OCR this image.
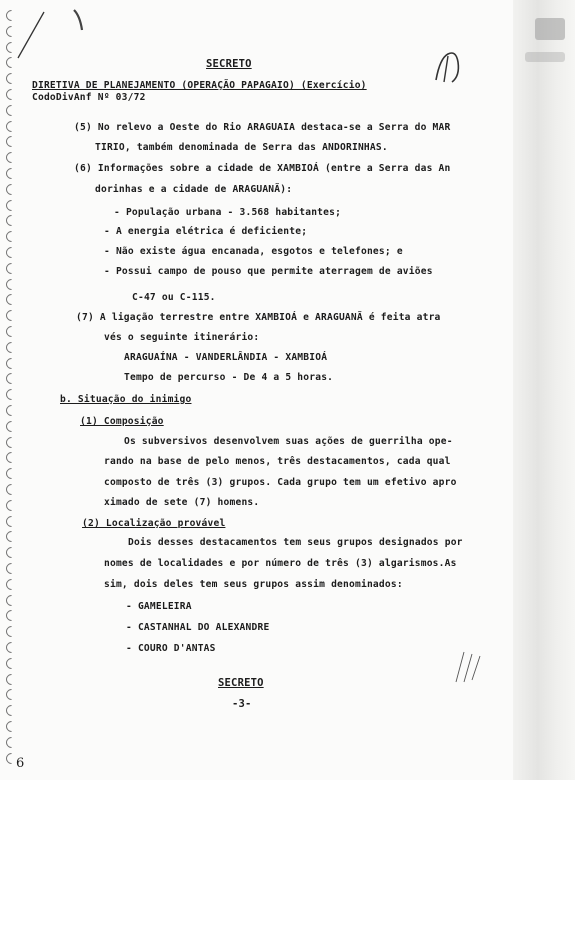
SECRETO
DIRETIVA DE PLANEJAMENTO (OPERAÇÃO PAPAGAIO) (Exercício)
CodoDivAnf Nº 03/72
(5) No relevo a Oeste do Rio ARAGUAIA destaca-se a Serra do MAR
TIRIO, também denominada de Serra das ANDORINHAS.
(6) Informações sobre a cidade de XAMBIOÁ (entre a Serra das An
dorinhas e a cidade de ARAGUANÃ):
- População urbana - 3.568 habitantes;
- A energia elétrica é deficiente;
- Não existe água encanada, esgotos e telefones; e
- Possui campo de pouso que permite aterragem de aviões
C-47 ou C-115.
(7) A ligação terrestre entre XAMBIOÁ e ARAGUANÃ é feita atra
vés o seguinte itinerário:
ARAGUAÍNA - VANDERLÂNDIA - XAMBIOÁ
Tempo de percurso - De 4 a 5 horas.
b. Situação do inimigo
(1) Composição
Os subversivos desenvolvem suas ações de guerrilha ope-
rando na base de pelo menos, três destacamentos, cada qual
composto de três (3) grupos. Cada grupo tem um efetivo apro
ximado de sete (7) homens.
(2) Localização provável
Dois desses destacamentos tem seus grupos designados por
nomes de localidades e por número de três (3) algarismos.As
sim, dois deles tem seus grupos assim denominados:
- GAMELEIRA
- CASTANHAL DO ALEXANDRE
- COURO D'ANTAS
SECRETO
-3-
6
